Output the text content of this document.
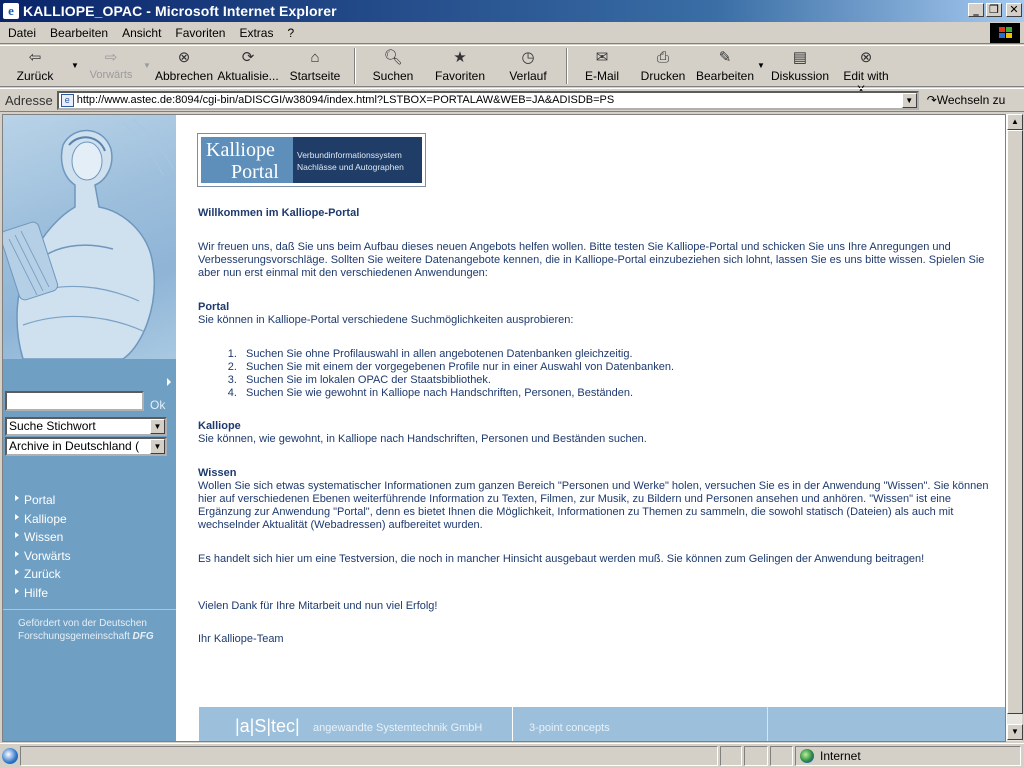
e KALLIOPE_OPAC - Microsoft Internet Explorer	_ ❐ ✕
Datei	Bearbeiten	Ansicht	Favoriten	Extras	?
⇦
Zurück
▼ ⇨
Vorwärts
▼ ⊗
Abbrechen
⟳
Aktualisie...
⌂
Startseite
🔍︎
Suchen
★
Favoriten
◷
Verlauf
✉
E-Mail
⎙
Drucken
✎
Bearbeiten
▼ ▤
Diskussion
⊗
Edit with
Adresse	e http://www.astec.de:8094/cgi-bin/aDISCGI/w38094/index.html?LSTBOX=PORTALAW&WEB=JA&ADISDB=PS	▼ ↷Wechseln zu
Ok
Suche Stichwort	▼
Archive in Deutschland (	▼
Portal
Kalliope
Wissen
Vorwärts
Zurück
Hilfe
Gefördert von der Deutschen
Forschungsgemeinschaft DFG
Kalliope
Portal
Verbundinformationssystem
Nachlässe und Autographen
Willkommen im Kalliope-Portal
Wir freuen uns, daß Sie uns beim Aufbau dieses neuen Angebots helfen wollen. Bitte testen Sie Kalliope-Portal und schicken Sie uns Ihre Anregungen und Verbesserungsvorschläge. Sollten Sie weitere Datenangebote kennen, die in Kalliope-Portal einzubeziehen sich lohnt, lassen Sie es uns bitte wissen. Spielen Sie aber nun erst einmal mit den verschiedenen Anwendungen:
Portal
Sie können in Kalliope-Portal verschiedene Suchmöglichkeiten ausprobieren:
1. Suchen Sie ohne Profilauswahl in allen angebotenen Datenbanken gleichzeitig.
2. Suchen Sie mit einem der vorgegebenen Profile nur in einer Auswahl von Datenbanken.
3. Suchen Sie im lokalen OPAC der Staatsbibliothek.
4. Suchen Sie wie gewohnt in Kalliope nach Handschriften, Personen, Beständen.
Kalliope
Sie können, wie gewohnt, in Kalliope nach Handschriften, Personen und Beständen suchen.
Wissen
Wollen Sie sich etwas systematischer Informationen zum ganzen Bereich "Personen und Werke" holen, versuchen Sie es in der Anwendung "Wissen". Sie können hier auf verschiedenen Ebenen weiterführende Information zu Texten, Filmen, zur Musik, zu Bildern und Personen ansehen und anhören. "Wissen" ist eine Ergänzung zur Anwendung "Portal", denn es bietet Ihnen die Möglichkeit, Informationen zu Themen zu sammeln, die sowohl statisch (Dateien) als auch mit wechselnder Aktualität (Webadressen) aufbereitet wurden.
Es handelt sich hier um eine Testversion, die noch in mancher Hinsicht ausgebaut werden muß. Sie können zum Gelingen der Anwendung beitragen!
Vielen Dank für Ihre Mitarbeit und nun viel Erfolg!
Ihr Kalliope-Team
|a|S|tec| angewandte Systemtechnik GmbH	3-point concepts
▲
▼
Internet
